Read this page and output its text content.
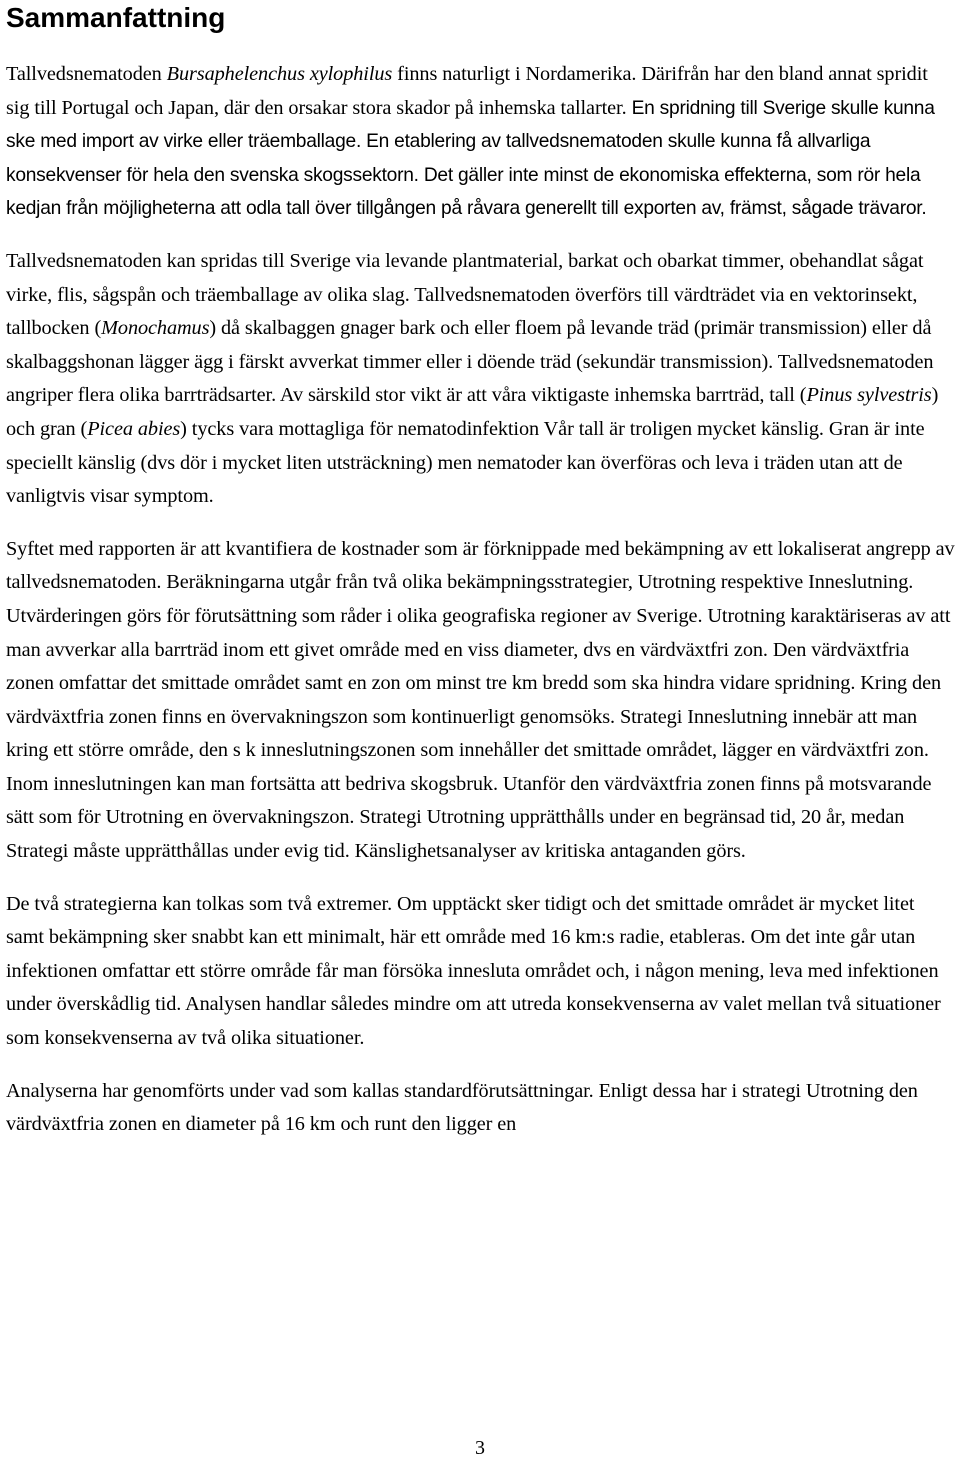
Sammanfattning

Tallvedsnematoden Bursaphelenchus xylophilus finns naturligt i Nordamerika. Därifrån har den bland annat spridit sig till Portugal och Japan, där den orsakar stora skador på inhemska tallarter. En spridning till Sverige skulle kunna ske med import av virke eller träemballage. En etablering av tallvedsnematoden skulle kunna få allvarliga konsekvenser för hela den svenska skogssektorn. Det gäller inte minst de ekonomiska effekterna, som rör hela kedjan från möjligheterna att odla tall över tillgången på råvara generellt till exporten av, främst, sågade trävaror.

Tallvedsnematoden kan spridas till Sverige via levande plantmaterial, barkat och obarkat timmer, obehandlat sågat virke, flis, sågspån och träemballage av olika slag. Tallvedsnematoden överförs till värdträdet via en vektorinsekt, tallbocken (Monochamus) då skalbaggen gnager bark och eller floem på levande träd (primär transmission) eller då skalbaggshonan lägger ägg i färskt avverkat timmer eller i döende träd (sekundär transmission). Tallvedsnematoden angriper flera olika barrträdsarter. Av särskild stor vikt är att våra viktigaste inhemska barrträd, tall (Pinus sylvestris) och gran (Picea abies) tycks vara mottagliga för nematodinfektion Vår tall är troligen mycket känslig. Gran är inte speciellt känslig (dvs dör i mycket liten utsträckning) men nematoder kan överföras och leva i träden utan att de vanligtvis visar symptom.

Syftet med rapporten är att kvantifiera de kostnader som är förknippade med bekämpning av ett lokaliserat angrepp av tallvedsnematoden. Beräkningarna utgår från två olika bekämpningsstrategier, Utrotning respektive Inneslutning. Utvärderingen görs för förutsättning som råder i olika geografiska regioner av Sverige. Utrotning karaktäriseras av att man avverkar alla barrträd inom ett givet område med en viss diameter, dvs en värdväxtfri zon. Den värdväxtfria zonen omfattar det smittade området samt en zon om minst tre km bredd som ska hindra vidare spridning. Kring den värdväxtfria zonen finns en övervakningszon som kontinuerligt genomsöks. Strategi Inneslutning innebär att man kring ett större område, den s k inneslutningszonen som innehåller det smittade området, lägger en värdväxtfri zon. Inom inneslutningen kan man fortsätta att bedriva skogsbruk. Utanför den värdväxtfria zonen finns på motsvarande sätt som för Utrotning en övervakningszon. Strategi Utrotning upprätthålls under en begränsad tid, 20 år, medan Strategi måste upprätthållas under evig tid. Känslighetsanalyser av kritiska antaganden görs.

De två strategierna kan tolkas som två extremer. Om upptäckt sker tidigt och det smittade området är mycket litet samt bekämpning sker snabbt kan ett minimalt, här ett område med 16 km:s radie, etableras. Om det inte går utan infektionen omfattar ett större område får man försöka innesluta området och, i någon mening, leva med infektionen under överskådlig tid. Analysen handlar således mindre om att utreda konsekvenserna av valet mellan två situationer som konsekvenserna av två olika situationer.

Analyserna har genomförts under vad som kallas standardförutsättningar. Enligt dessa har i strategi Utrotning den värdväxtfria zonen en diameter på 16 km och runt den ligger en

3
